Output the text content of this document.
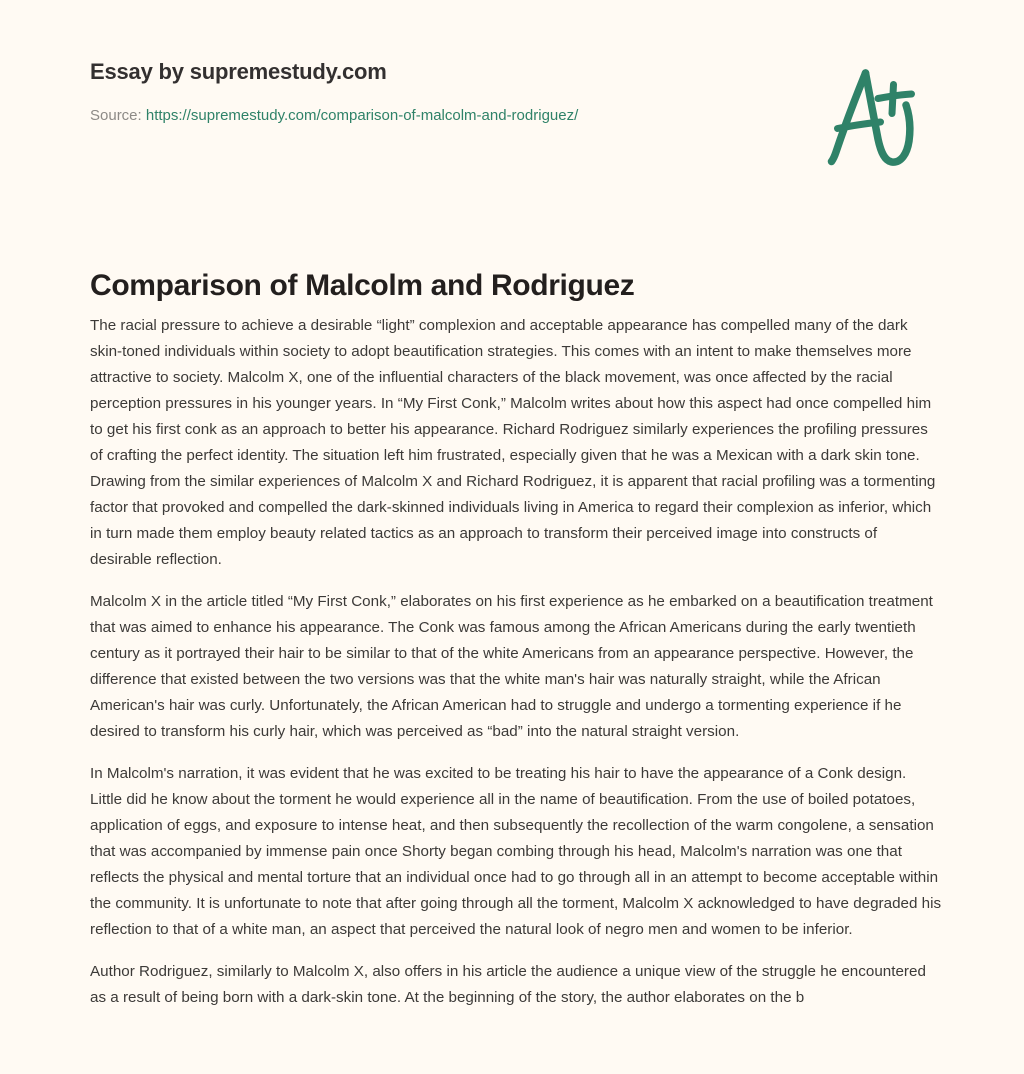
Essay by supremestudy.com
Source: https://supremestudy.com/comparison-of-malcolm-and-rodriguez/
Comparison of Malcolm and Rodriguez

The racial pressure to achieve a desirable “light” complexion and acceptable appearance has compelled many of the dark skin-toned individuals within society to adopt beautification strategies. This comes with an intent to make themselves more attractive to society. Malcolm X, one of the influential characters of the black movement, was once affected by the racial perception pressures in his younger years. In “My First Conk,” Malcolm writes about how this aspect had once compelled him to get his first conk as an approach to better his appearance. Richard Rodriguez similarly experiences the profiling pressures of crafting the perfect identity. The situation left him frustrated, especially given that he was a Mexican with a dark skin tone. Drawing from the similar experiences of Malcolm X and Richard Rodriguez, it is apparent that racial profiling was a tormenting factor that provoked and compelled the dark-skinned individuals living in America to regard their complexion as inferior, which in turn made them employ beauty related tactics as an approach to transform their perceived image into constructs of desirable reflection.

Malcolm X in the article titled “My First Conk,” elaborates on his first experience as he embarked on a beautification treatment that was aimed to enhance his appearance. The Conk was famous among the African Americans during the early twentieth century as it portrayed their hair to be similar to that of the white Americans from an appearance perspective. However, the difference that existed between the two versions was that the white man's hair was naturally straight, while the African American's hair was curly. Unfortunately, the African American had to struggle and undergo a tormenting experience if he desired to transform his curly hair, which was perceived as “bad” into the natural straight version.

In Malcolm's narration, it was evident that he was excited to be treating his hair to have the appearance of a Conk design. Little did he know about the torment he would experience all in the name of beautification. From the use of boiled potatoes, application of eggs, and exposure to intense heat, and then subsequently the recollection of the warm congolene, a sensation that was accompanied by immense pain once Shorty began combing through his head, Malcolm's narration was one that reflects the physical and mental torture that an individual once had to go through all in an attempt to become acceptable within the community. It is unfortunate to note that after going through all the torment, Malcolm X acknowledged to have degraded his reflection to that of a white man, an aspect that perceived the natural look of negro men and women to be inferior.

Author Rodriguez, similarly to Malcolm X, also offers in his article the audience a unique view of the struggle he encountered as a result of being born with a dark-skin tone. At the beginning of the story, the author elaborates on the b
